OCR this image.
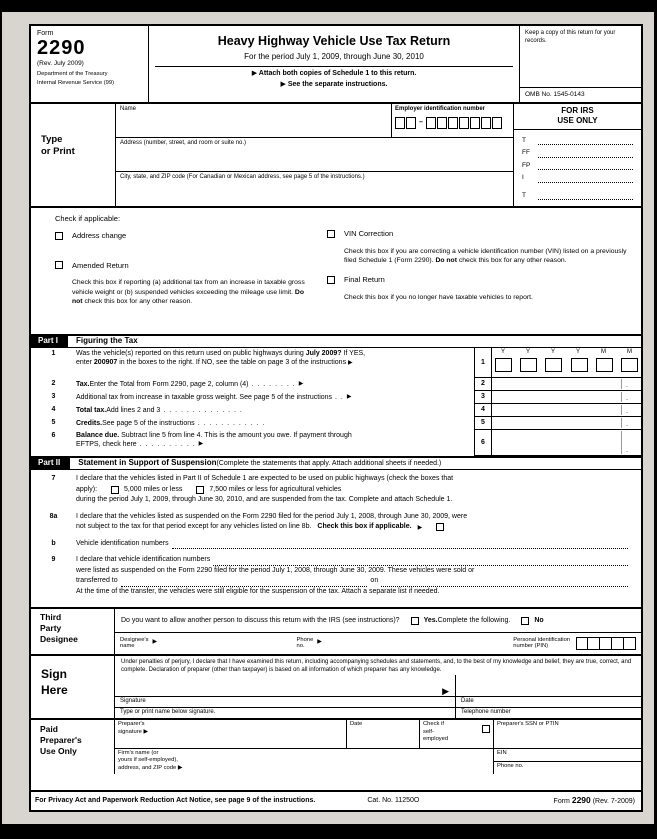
Form
2290
(Rev. July 2009)
Department of the Treasury
Internal Revenue Service (99)
Heavy Highway Vehicle Use Tax Return
For the period July 1, 2009, through June 30, 2010
▶ Attach both copies of Schedule 1 to this return.
▶ See the separate instructions.
Keep a copy of this return for your records.
OMB No. 1545-0143
Type
or Print
Name	Employer identification number
–
Address (number, street, and room or suite no.)
City, state, and ZIP code (For Canadian or Mexican address, see page 5 of the instructions.)
FOR IRS
USE ONLY
T
FF
FP
I
T
Check if applicable:
Address change
Amended Return
Check this box if reporting (a) additional tax from an increase in taxable gross vehicle weight or (b) suspended vehicles exceeding the mileage use limit. Do not check this box for any other reason.
VIN Correction
Check this box if you are correcting a vehicle identification number (VIN) listed on a previously filed Schedule 1 (Form 2290). Do not check this box for any other reason.
Final Return
Check this box if you no longer have taxable vehicles to report.
Part I	Figuring the Tax
1	Was the vehicle(s) reported on this return used on public highways during July 2009? If YES,
enter 200907 in the boxes to the right. If NO, see the table on page 3 of the instructions ▶	1
Y	Y	Y	Y	M	M
2	Tax. Enter the Total from Form 2290, page 2, column (4) . . . . . . . . ▶	2	.
3	Additional tax from increase in taxable gross weight. See page 5 of the instructions . . ▶	3	.
4	Total tax. Add lines 2 and 3 . . . . . . . . . . . . . .	4	.
5	Credits. See page 5 of the instructions . . . . . . . . . . . .	5	.
6	Balance due. Subtract line 5 from line 4. This is the amount you owe. If payment through
EFTPS, check here . . . . . . . . . . ▶	6
.
Part II	Statement in Support of Suspension (Complete the statements that apply. Attach additional sheets if needed.)
7	I declare that the vehicles listed in Part II of Schedule 1 are expected to be used on public highways (check the boxes that
apply):	5,000 miles or less	7,500 miles or less for agricultural vehicles
during the period July 1, 2009, through June 30, 2010, and are suspended from the tax. Complete and attach Schedule 1.
8a	I declare that the vehicles listed as suspended on the Form 2290 filed for the period July 1, 2008, through June 30, 2009, were
not subject to the tax for that period except for any vehicles listed on line 8b. Check this box if applicable. ▶
b	Vehicle identification numbers
9	I declare that vehicle identification numbers
were listed as suspended on the Form 2290 filed for the period July 1, 2008, through June 30, 2009. These vehicles were sold or
transferred to	on
At the time of the transfer, the vehicles were still eligible for the suspension of the tax. Attach a separate list if needed.
Third
Party
Designee
Do you want to allow another person to discuss this return with the IRS (see instructions)?	Yes. Complete the following.	No
Designee's
name
▶	Phone
no.
▶	Personal identification
number (PIN)
Sign
Here
Under penalties of perjury, I declare that I have examined this return, including accompanying schedules and statements, and, to the best of my knowledge and belief, they are true, correct, and complete. Declaration of preparer (other than taxpayer) is based on all information of which preparer has any knowledge.
▶
Signature
Type or print name below signature.
Date
Telephone number
Paid
Preparer's
Use Only
Preparer's
signature ▶
Date	Check if
self-
employed
Preparer's SSN or PTIN
Firm's name (or
yours if self-employed),
address, and ZIP code ▶
EIN
Phone no.
For Privacy Act and Paperwork Reduction Act Notice, see page 9 of the instructions.	Cat. No. 11250O	Form 2290 (Rev. 7-2009)
